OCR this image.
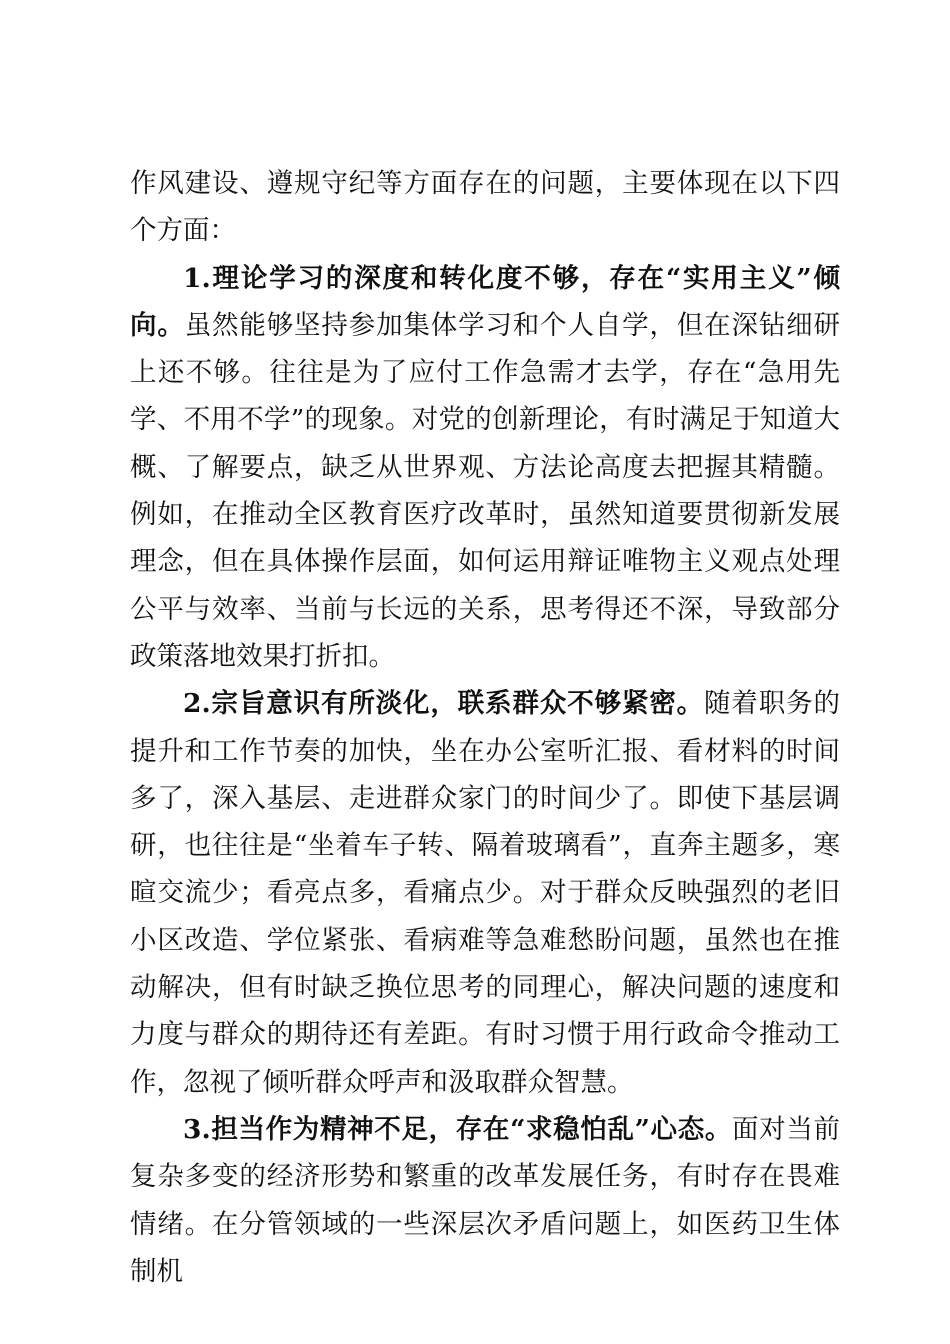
作风建设、遵规守纪等方面存在的问题，主要体现在以下四个方面：

1.理论学习的深度和转化度不够，存在“实用主义”倾向。虽然能够坚持参加集体学习和个人自学，但在深钻细研上还不够。往往是为了应付工作急需才去学，存在“急用先学、不用不学”的现象。对党的创新理论，有时满足于知道大概、了解要点，缺乏从世界观、方法论高度去把握其精髓。例如，在推动全区教育医疗改革时，虽然知道要贯彻新发展理念，但在具体操作层面，如何运用辩证唯物主义观点处理公平与效率、当前与长远的关系，思考得还不深，导致部分政策落地效果打折扣。

2.宗旨意识有所淡化，联系群众不够紧密。随着职务的提升和工作节奏的加快，坐在办公室听汇报、看材料的时间多了，深入基层、走进群众家门的时间少了。即使下基层调研，也往往是“坐着车子转、隔着玻璃看”，直奔主题多，寒暄交流少；看亮点多，看痛点少。对于群众反映强烈的老旧小区改造、学位紧张、看病难等急难愁盼问题，虽然也在推动解决，但有时缺乏换位思考的同理心，解决问题的速度和力度与群众的期待还有差距。有时习惯于用行政命令推动工作，忽视了倾听群众呼声和汲取群众智慧。

3.担当作为精神不足，存在“求稳怕乱”心态。面对当前复杂多变的经济形势和繁重的改革发展任务，有时存在畏难情绪。在分管领域的一些深层次矛盾问题上，如医药卫生体制机
